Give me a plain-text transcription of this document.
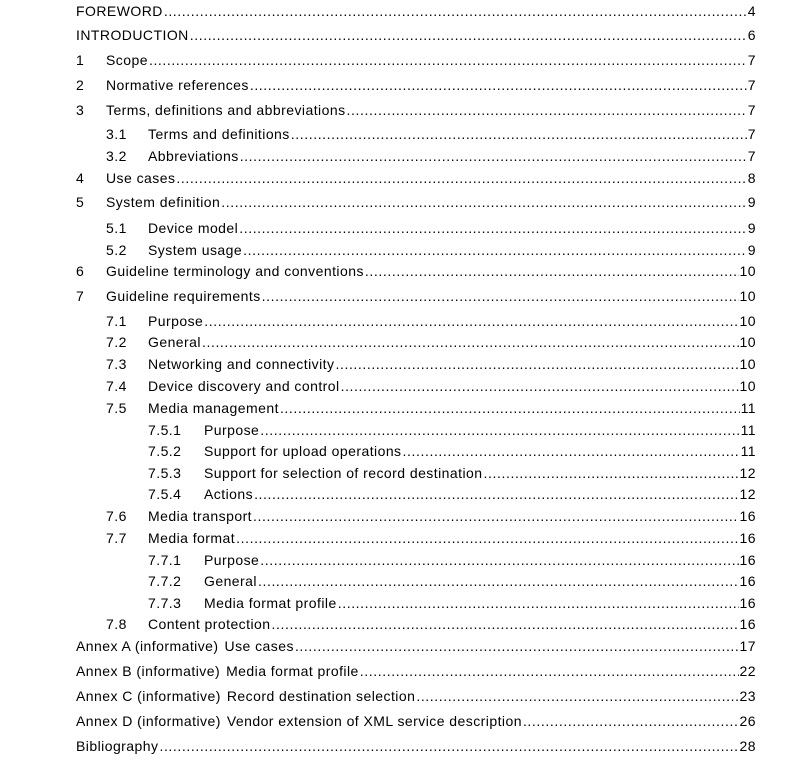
FOREWORD .....	4
INTRODUCTION .....	6
1	Scope .....	7
2	Normative references .....	7
3	Terms, definitions and abbreviations .....	7
3.1	Terms and definitions .....	7
3.2	Abbreviations .....	7
4	Use cases .....	8
5	System definition .....	9
5.1	Device model .....	9
5.2	System usage .....	9
6	Guideline terminology and conventions .....	10
7	Guideline requirements .....	10
7.1	Purpose .....	10
7.2	General .....	10
7.3	Networking and connectivity .....	10
7.4	Device discovery and control .....	10
7.5	Media management .....	11
7.5.1	Purpose .....	11
7.5.2	Support for upload operations .....	11
7.5.3	Support for selection of record destination .....	12
7.5.4	Actions .....	12
7.6	Media transport .....	16
7.7	Media format .....	16
7.7.1	Purpose .....	16
7.7.2	General .....	16
7.7.3	Media format profile .....	16
7.8	Content protection .....	16
Annex A (informative) Use cases .....	17
Annex B (informative) Media format profile .....	22
Annex C (informative) Record destination selection .....	23
Annex D (informative) Vendor extension of XML service description .....	26
Bibliography .....	28
